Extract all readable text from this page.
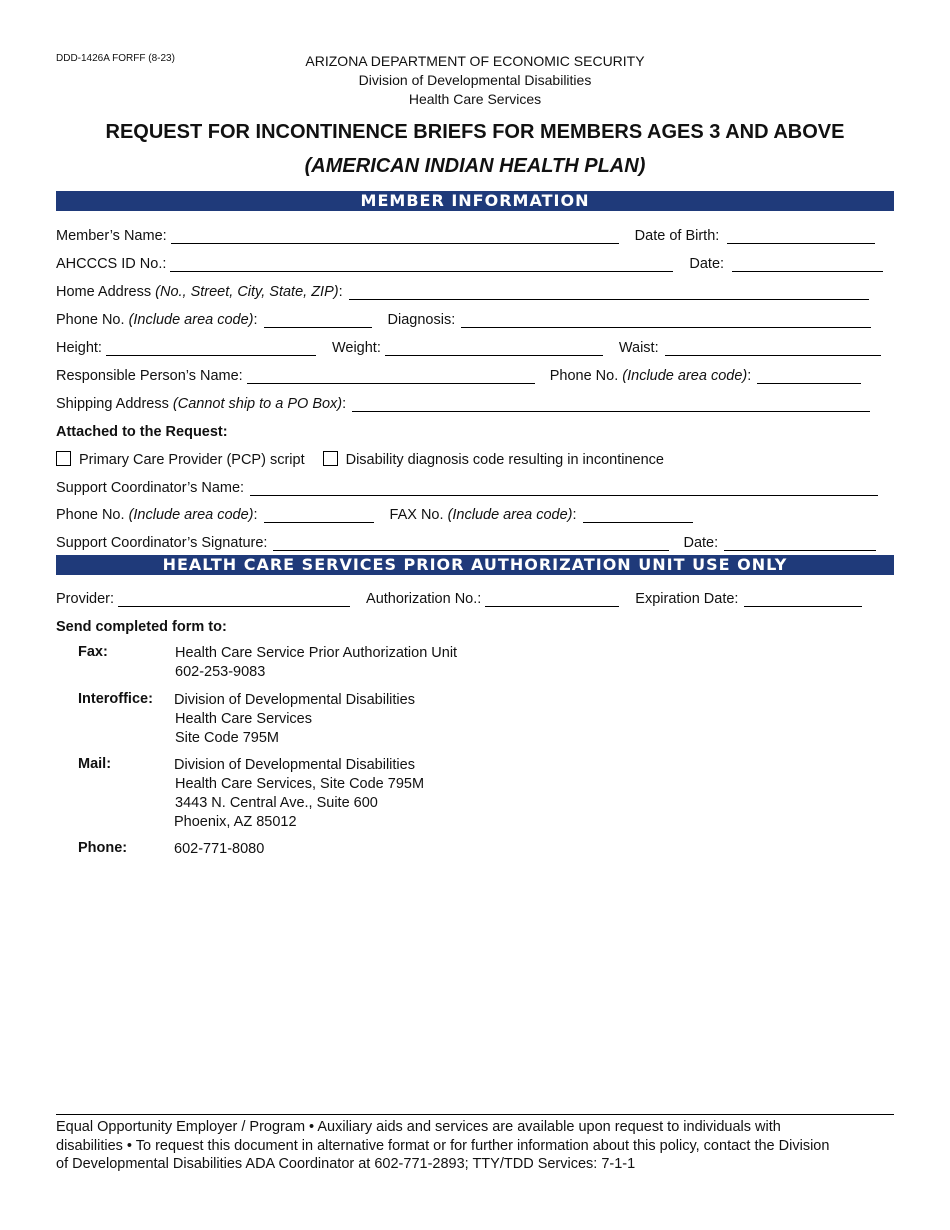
DDD-1426A FORFF (8-23)	ARIZONA DEPARTMENT OF ECONOMIC SECURITY
Division of Developmental Disabilities
Health Care Services
REQUEST FOR INCONTINENCE BRIEFS FOR MEMBERS AGES 3 AND ABOVE
(AMERICAN INDIAN HEALTH PLAN)
MEMBER INFORMATION
Member’s Name:	Date of Birth:
AHCCCS ID No.:	Date:
Home Address
(No., Street, City, State, ZIP) :
Phone No.
(Include area code) :	Diagnosis:
Height:	Weight:	Waist:
Responsible Person’s Name:	Phone No.
(Include area code) :
Shipping Address
(Cannot ship to a PO Box) :
Attached to the Request:
Primary Care Provider (PCP) script	Disability diagnosis code resulting in incontinence
Support Coordinator’s Name:
Phone No.
(Include area code) :	FAX No.
(Include area code) :
Support Coordinator’s Signature:	Date:
HEALTH CARE SERVICES PRIOR AUTHORIZATION UNIT USE ONLY
Provider:	Authorization No.:	Expiration Date:
Send completed form to:
Fax:	Health Care Service Prior Authorization Unit
602-253-9083
Interoffice: Division of Developmental Disabilities
Health Care Services
Site Code 795M
Mail:	Division of Developmental Disabilities
Health Care Services, Site Code 795M
3443 N. Central Ave., Suite 600
Phoenix, AZ 85012
Phone:	602-771-8080
Equal Opportunity Employer / Program • Auxiliary aids and services are available upon request to individuals with
disabilities • To request this document in alternative format or for further information about this policy, contact the Division
of Developmental Disabilities ADA Coordinator at 602-771-2893; TTY/TDD Services: 7-1-1
